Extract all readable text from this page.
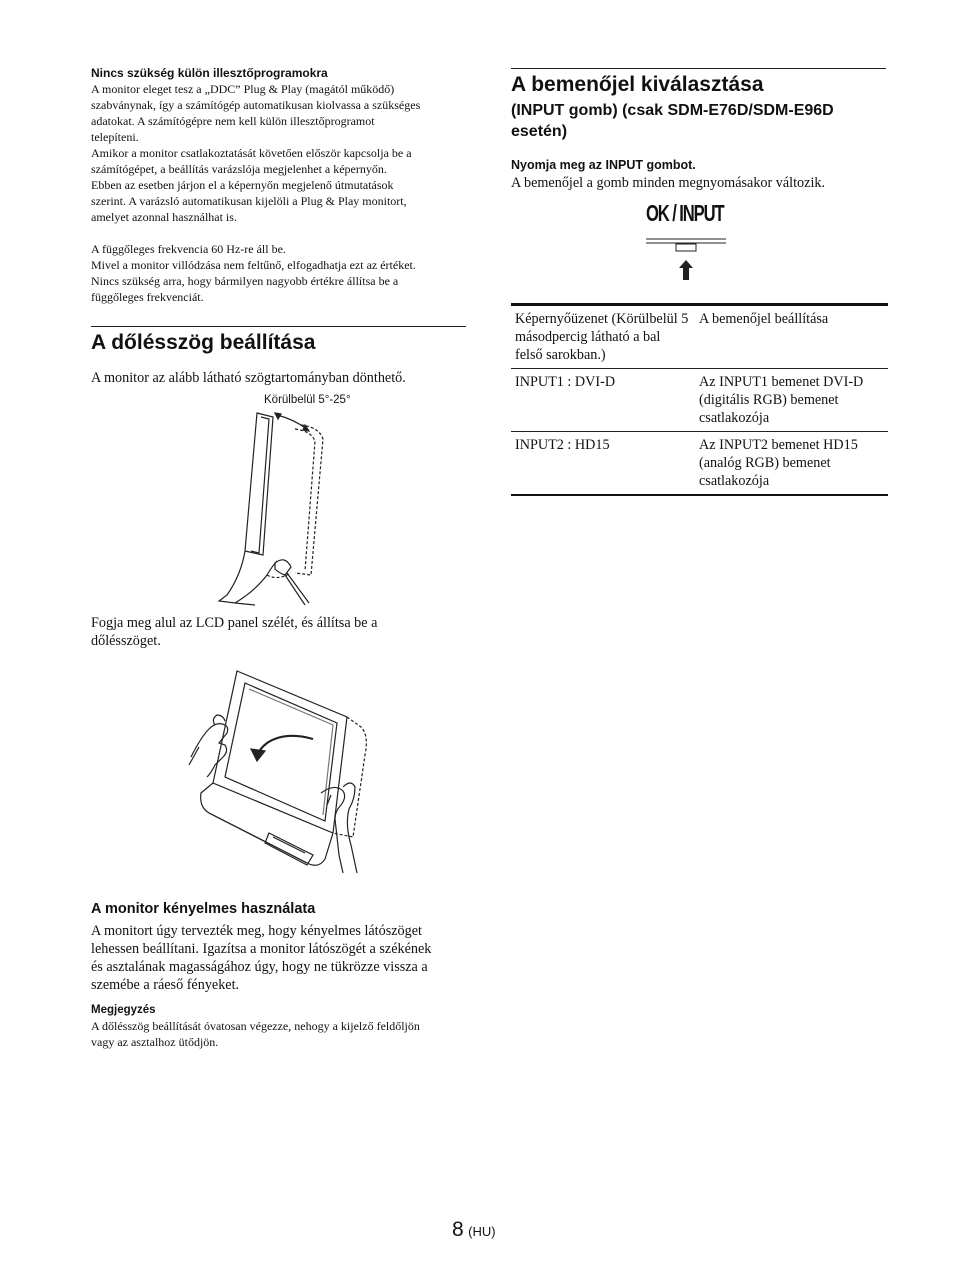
Nincs szükség külön illesztőprogramokra

A monitor eleget tesz a „DDC” Plug & Play (magától működő)

szabványnak, így a számítógép automatikusan kiolvassa a szükséges

adatokat. A számítógépre nem kell külön illesztőprogramot

telepíteni.

Amikor a monitor csatlakoztatását követően először kapcsolja be a

számítógépet, a beállítás varázslója megjelenhet a képernyőn.

Ebben az esetben járjon el a képernyőn megjelenő útmutatások

szerint. A varázsló automatikusan kijelöli a Plug & Play monitort,

amelyet azonnal használhat is.

A függőleges frekvencia 60 Hz-re áll be.

Mivel a monitor villódzása nem feltűnő, elfogadhatja ezt az értéket.

Nincs szükség arra, hogy bármilyen nagyobb értékre állítsa be a

függőleges frekvenciát.

A dőlésszög beállítása
A monitor az alább látható szögtartományban dönthető.
Körülbelül 5°-25°

Fogja meg alul az LCD panel szélét, és állítsa be a

dőlésszöget.

A monitor kényelmes használata

A monitort úgy tervezték meg, hogy kényelmes látószöget

lehessen beállítani. Igazítsa a monitor látószögét a székének

és asztalának magasságához úgy, hogy ne tükrözze vissza a

szemébe a ráeső fényeket.

Megjegyzés

A dőlésszög beállítását óvatosan végezze, nehogy a kijelző feldőljön

vagy az asztalhoz ütődjön.

A bemenőjel kiválasztása

(INPUT gomb) (csak SDM-E76D/SDM-E96D

esetén)

Nyomja meg az INPUT gombot.
A bemenőjel a gomb minden megnyomásakor változik.
OK / INPUT
Képernyőüzenet (Körülbelül 5 másodpercig látható a bal felső sarokban.)	A bemenőjel beállítása
INPUT1 : DVI-D	Az INPUT1 bemenet DVI-D (digitális RGB) bemenet csatlakozója
INPUT2 : HD15	Az INPUT2 bemenet HD15 (analóg RGB) bemenet csatlakozója
8 (HU)
